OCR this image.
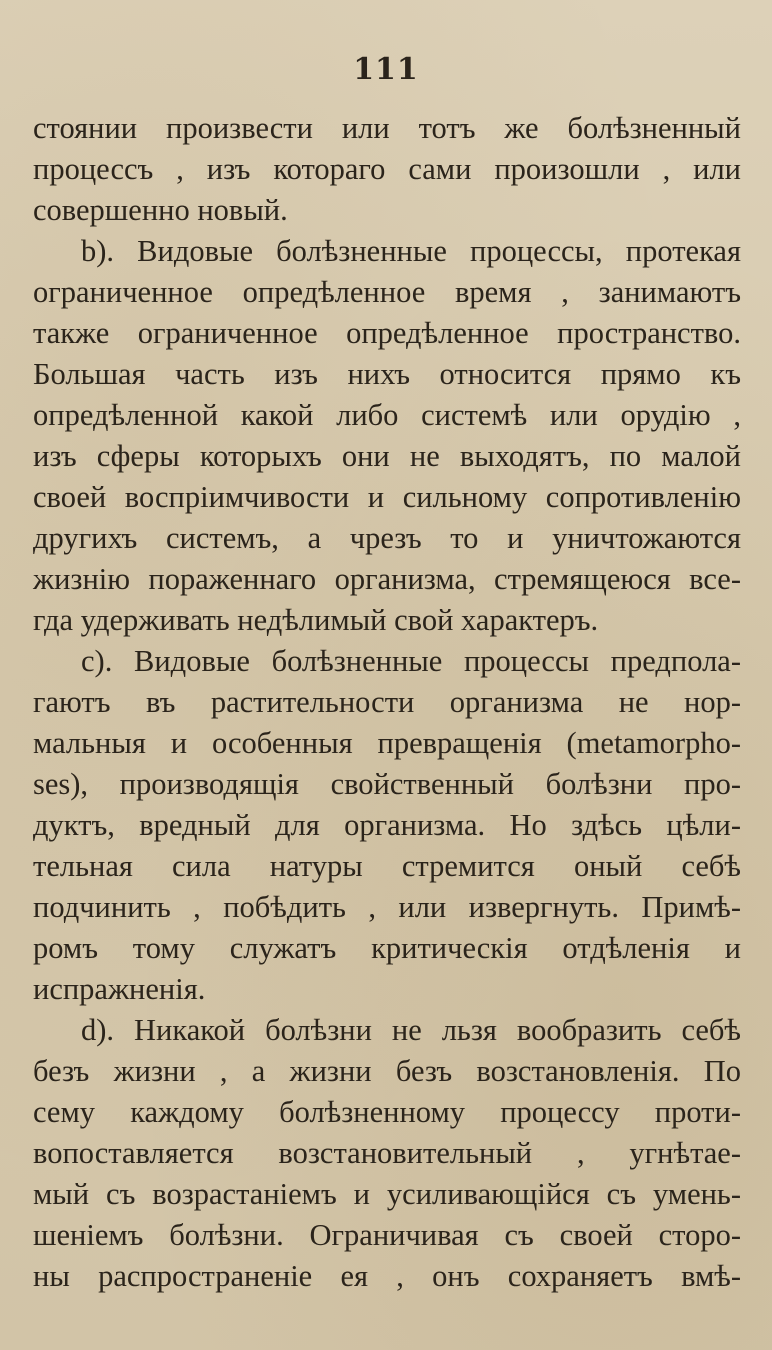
111
стоянии произвести или тотъ же болѣзненный
процессъ , изъ котораго сами произошли , или
совершенно новый.
b). Видовые болѣзненные процессы, протекая
ограниченное опредѣленное время , занимаютъ
также ограниченное опредѣленное пространство.
Большая часть изъ нихъ относится прямо къ
опредѣленной какой либо системѣ или орудію ,
изъ сферы которыхъ они не выходятъ, по малой
своей воспріимчивости и сильному сопротивленію
другихъ системъ, а чрезъ то и уничтожаются
жизнію пораженнаго организма, стремящеюся все-
гда удерживать недѣлимый свой характеръ.
c). Видовые болѣзненные процессы предпола-
гаютъ въ растительности организма не нор-
мальныя и особенныя превращенія (metamorpho-
ses), производящія свойственный болѣзни про-
дуктъ, вредный для организма. Но здѣсь цѣли-
тельная сила натуры стремится оный себѣ
подчинить , побѣдить , или извергнуть. Примѣ-
ромъ тому служатъ критическія отдѣленія и
испражненія.
d). Никакой болѣзни не льзя вообразить себѣ
безъ жизни , а жизни безъ возстановленія. По
сему каждому болѣзненному процессу проти-
вопоставляется возстановительный , угнѣтае-
мый съ возрастаніемъ и усиливающійся съ умень-
шеніемъ болѣзни. Ограничивая съ своей сторо-
ны распространеніе ея , онъ сохраняетъ вмѣ-
